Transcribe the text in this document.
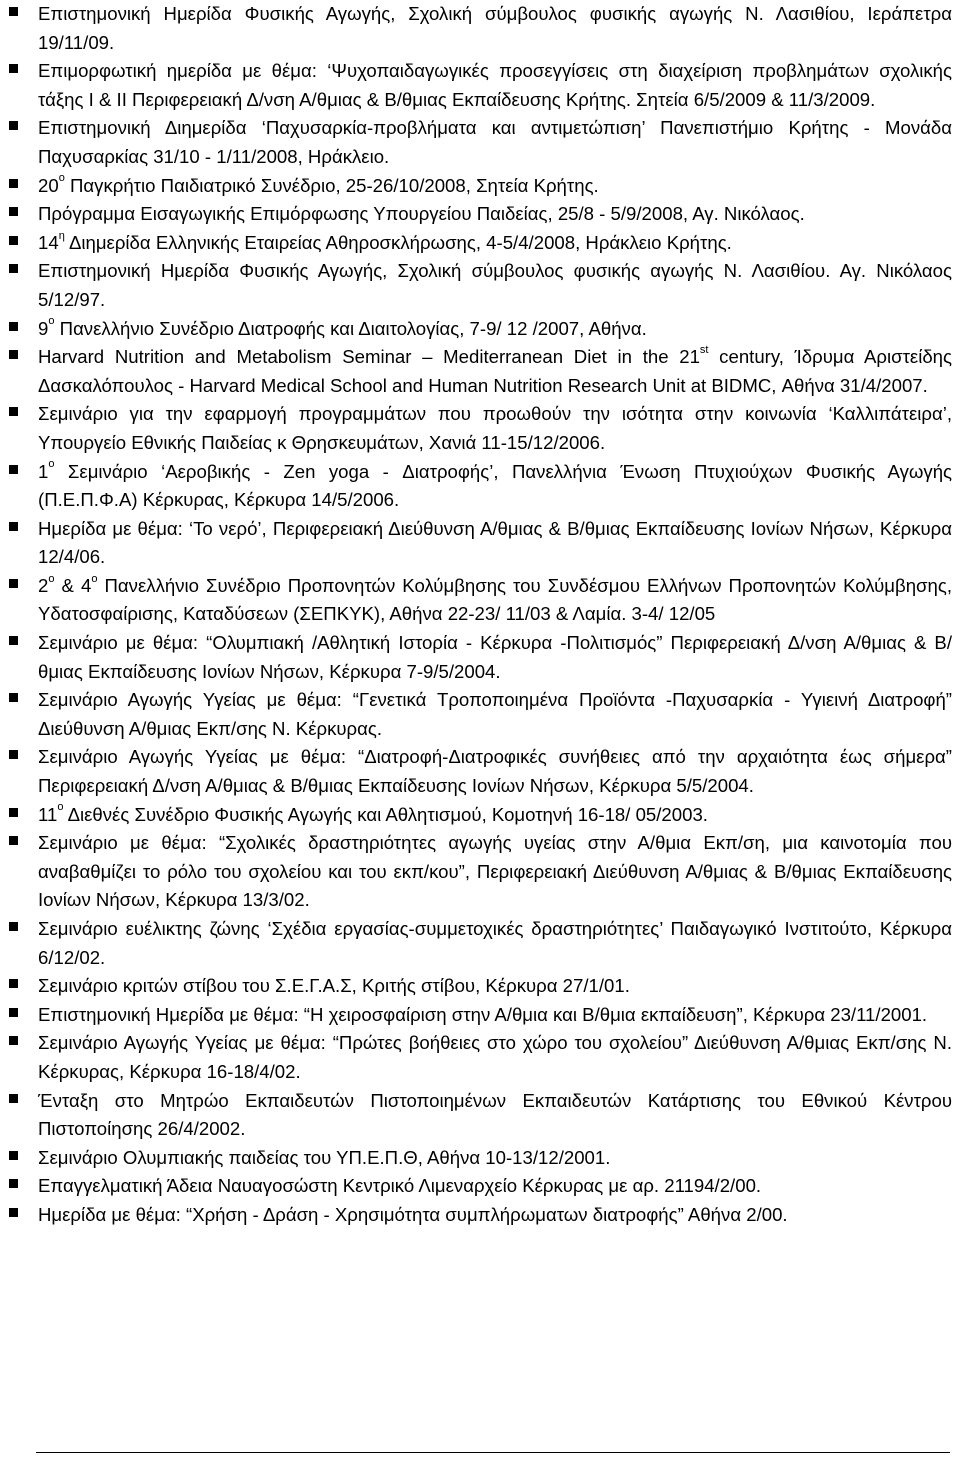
Επιστημονική Ημερίδα Φυσικής Αγωγής, Σχολική σύμβουλος φυσικής αγωγής Ν. Λασιθίου, Ιεράπετρα 19/11/09.
Επιμορφωτική ημερίδα με θέμα: ‘Ψυχοπαιδαγωγικές προσεγγίσεις στη διαχείριση προβλημάτων σχολικής τάξης Ι & ΙΙ Περιφερειακή Δ/νση Α/θμιας & Β/θμιας Εκπαίδευσης Κρήτης. Σητεία 6/5/2009 & 11/3/2009.
Επιστημονική Διημερίδα ‘Παχυσαρκία-προβλήματα και αντιμετώπιση’ Πανεπιστήμιο Κρήτης - Μονάδα Παχυσαρκίας 31/10 - 1/11/2008, Ηράκλειο.
$20^o$ Παγκρήτιο Παιδιατρικό Συνέδριο, 25-26/10/2008, Σητεία Κρήτης.
Πρόγραμμα Εισαγωγικής Επιμόρφωσης Υπουργείου Παιδείας, 25/8 - 5/9/2008, Αγ. Νικόλαος.
$14^\eta$ Διημερίδα Ελληνικής Εταιρείας Αθηροσκλήρωσης, 4-5/4/2008, Ηράκλειο Κρήτης.
Επιστημονική Ημερίδα Φυσικής Αγωγής, Σχολική σύμβουλος φυσικής αγωγής Ν. Λασιθίου. Αγ. Νικόλαος 5/12/97.
$9^o$ Πανελλήνιο Συνέδριο Διατροφής και Διαιτολογίας, 7-9/ 12 /2007, Αθήνα.
Harvard Nutrition and Metabolism Seminar – Mediterranean Diet in the 21st century, Ίδρυμα Αριστείδης Δασκαλόπουλος - Harvard Medical School and Human Nutrition Research Unit at BIDMC, Αθήνα 31/4/2007.
Σεμινάριο για την εφαρμογή προγραμμάτων που προωθούν την ισότητα στην κοινωνία ‘Καλλιπάτειρα’, Υπουργείο Εθνικής Παιδείας κ Θρησκευμάτων, Χανιά 11-15/12/2006.
$1^o$ Σεμινάριο ‘Αεροβικής - Zen yoga - Διατροφής’, Πανελλήνια Ένωση Πτυχιούχων Φυσικής Αγωγής (Π.Ε.Π.Φ.Α) Κέρκυρας, Κέρκυρα 14/5/2006.
Ημερίδα με θέμα: ‘Το νερό’, Περιφερειακή Διεύθυνση Α/θμιας & Β/θμιας Εκπαίδευσης Ιονίων Νήσων, Κέρκυρα 12/4/06.
$2^o$ & $4^o$ Πανελλήνιο Συνέδριο Προπονητών Κολύμβησης του Συνδέσμου Ελλήνων Προπονητών Κολύμβησης, Υδατοσφαίρισης, Καταδύσεων (ΣΕΠΚΥΚ), Αθήνα 22-23/ 11/03 & Λαμία. 3-4/ 12/05
Σεμινάριο με θέμα: “Ολυμπιακή /Αθλητική Ιστορία - Κέρκυρα -Πολιτισμός” Περιφερειακή Δ/νση Α/θμιας & Β/θμιας Εκπαίδευσης Ιονίων Νήσων, Κέρκυρα 7-9/5/2004.
Σεμινάριο Αγωγής Υγείας με θέμα: “Γενετικά Τροποποιημένα Προϊόντα -Παχυσαρκία - Υγιεινή Διατροφή” Διεύθυνση Α/θμιας Εκπ/σης Ν. Κέρκυρας.
Σεμινάριο Αγωγής Υγείας με θέμα: “Διατροφή-Διατροφικές συνήθειες από την αρχαιότητα έως σήμερα” Περιφερειακή Δ/νση Α/θμιας & Β/θμιας Εκπαίδευσης Ιονίων Νήσων, Κέρκυρα 5/5/2004.
$11^o$ Διεθνές Συνέδριο Φυσικής Αγωγής και Αθλητισμού, Κομοτηνή 16-18/ 05/2003.
Σεμινάριο με θέμα: “Σχολικές δραστηριότητες αγωγής υγείας στην Α/θμια Εκπ/ση, μια καινοτομία που αναβαθμίζει το ρόλο του σχολείου και του εκπ/κου”, Περιφερειακή Διεύθυνση Α/θμιας & Β/θμιας Εκπαίδευσης Ιονίων Νήσων, Κέρκυρα 13/3/02.
Σεμινάριο ευέλικτης ζώνης ‘Σχέδια εργασίας-συμμετοχικές δραστηριότητες’ Παιδαγωγικό Ινστιτούτο, Κέρκυρα 6/12/02.
Σεμινάριο κριτών στίβου του Σ.Ε.Γ.Α.Σ, Κριτής στίβου, Κέρκυρα 27/1/01.
Επιστημονική Ημερίδα με θέμα: “Η χειροσφαίριση στην Α/θμια και Β/θμια εκπαίδευση”, Κέρκυρα 23/11/2001.
Σεμινάριο Αγωγής Υγείας με θέμα: “Πρώτες βοήθειες στο χώρο του σχολείου” Διεύθυνση Α/θμιας Εκπ/σης Ν. Κέρκυρας, Κέρκυρα 16-18/4/02.
Ένταξη στο Μητρώο Εκπαιδευτών Πιστοποιημένων Εκπαιδευτών Κατάρτισης του Εθνικού Κέντρου Πιστοποίησης 26/4/2002.
Σεμινάριο Ολυμπιακής παιδείας του ΥΠ.Ε.Π.Θ, Αθήνα 10-13/12/2001.
Επαγγελματική Άδεια Ναυαγοσώστη Κεντρικό Λιμεναρχείο Κέρκυρας με αρ. 21194/2/00.
Ημερίδα με θέμα: “Χρήση - Δράση - Χρησιμότητα συμπλήρωματων διατροφής” Αθήνα 2/00.
